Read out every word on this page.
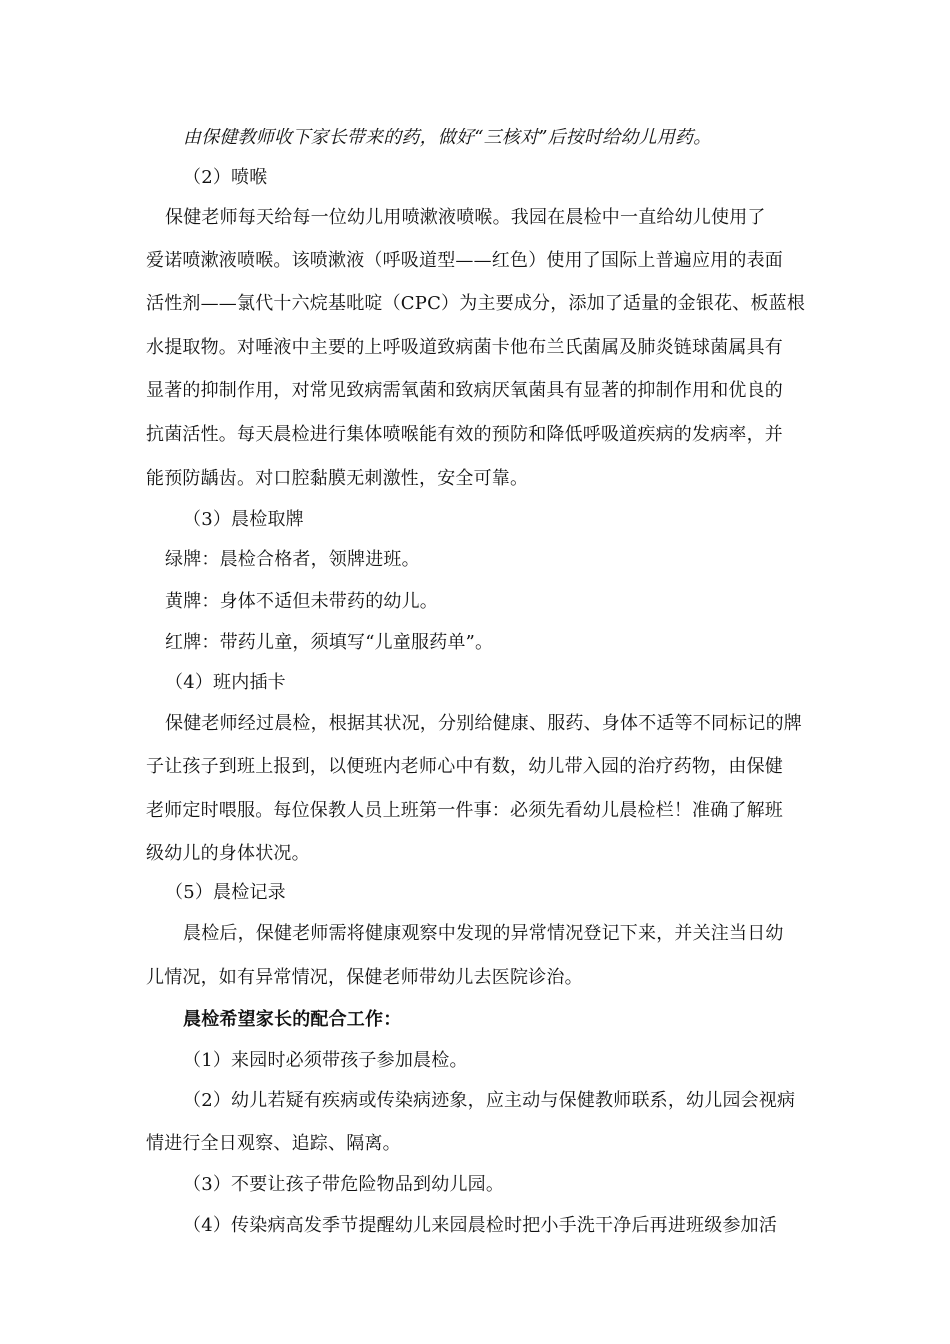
由保健教师收下家长带来的药，做好“三核对”后按时给幼儿用药。
（2）喷喉
保健老师每天给每一位幼儿用喷漱液喷喉。我园在晨检中一直给幼儿使用了
爱诺喷漱液喷喉。该喷漱液（呼吸道型——红色）使用了国际上普遍应用的表面
活性剂——氯代十六烷基吡啶（CPC）为主要成分，添加了适量的金银花、板蓝根
水提取物。对唾液中主要的上呼吸道致病菌卡他布兰氏菌属及肺炎链球菌属具有
显著的抑制作用，对常见致病需氧菌和致病厌氧菌具有显著的抑制作用和优良的
抗菌活性。每天晨检进行集体喷喉能有效的预防和降低呼吸道疾病的发病率，并
能预防龋齿。对口腔黏膜无刺激性，安全可靠。
（3）晨检取牌
绿牌：晨检合格者，领牌进班。
黄牌：身体不适但未带药的幼儿。
红牌：带药儿童，须填写“儿童服药单”。
（4）班内插卡
保健老师经过晨检，根据其状况，分别给健康、服药、身体不适等不同标记的牌
子让孩子到班上报到，以便班内老师心中有数，幼儿带入园的治疗药物，由保健
老师定时喂服。每位保教人员上班第一件事：必须先看幼儿晨检栏！准确了解班
级幼儿的身体状况。
（5）晨检记录
晨检后，保健老师需将健康观察中发现的异常情况登记下来，并关注当日幼
儿情况，如有异常情况，保健老师带幼儿去医院诊治。
晨检希望家长的配合工作：
（1）来园时必须带孩子参加晨检。
（2）幼儿若疑有疾病或传染病迹象，应主动与保健教师联系，幼儿园会视病
情进行全日观察、追踪、隔离。
（3）不要让孩子带危险物品到幼儿园。
（4）传染病高发季节提醒幼儿来园晨检时把小手洗干净后再进班级参加活
